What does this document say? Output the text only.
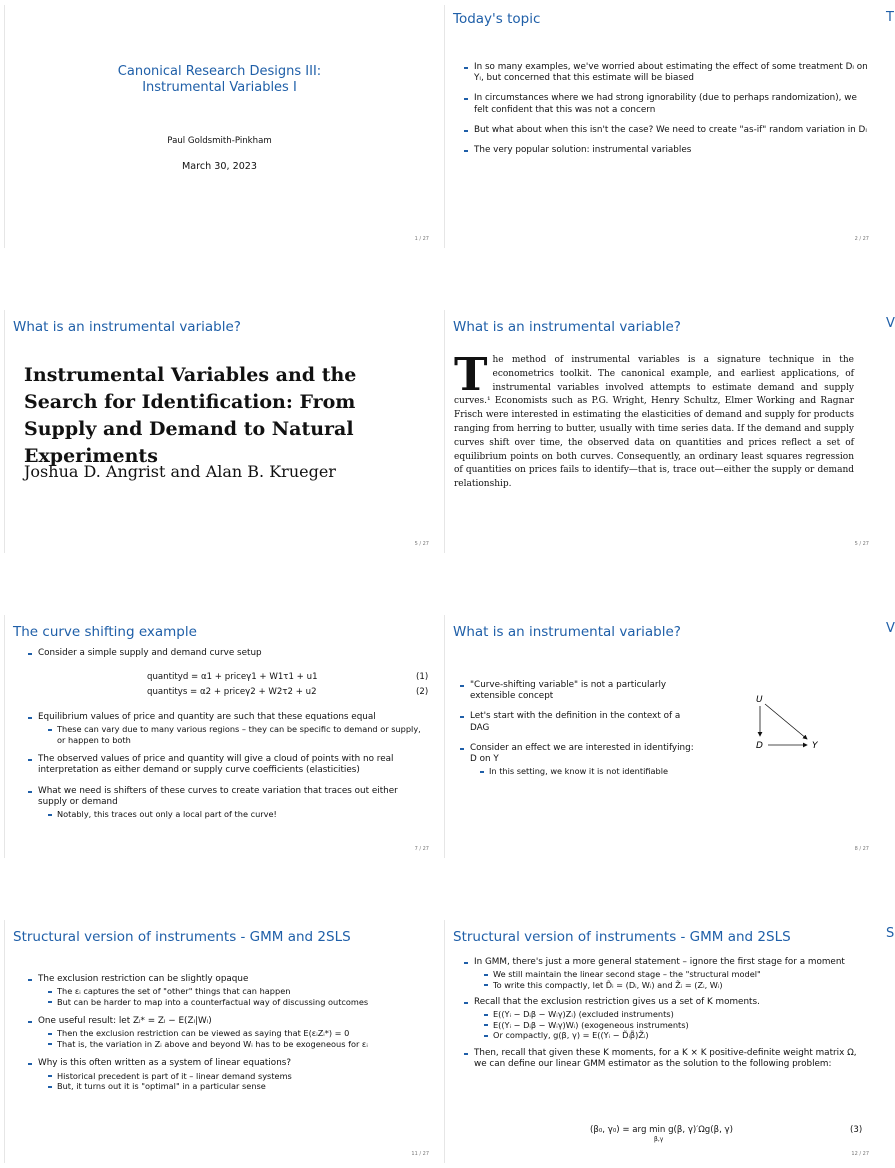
Canonical Research Designs III:
Instrumental Variables I
Paul Goldsmith-Pinkham
March 30, 2023
1 / 27
Today's topic
In so many examples, we've worried about estimating the effect of some treatment Dᵢ on Yᵢ, but concerned that this estimate will be biased
In circumstances where we had strong ignorability (due to perhaps randomization), we felt confident that this was not a concern
But what about when this isn't the case? We need to create "as-if" random variation in Dᵢ
The very popular solution: instrumental variables
2 / 27
What is an instrumental variable?
Instrumental Variables and the Search for Identification: From Supply and Demand to Natural Experiments
Joshua D. Angrist and Alan B. Krueger
5 / 27
What is an instrumental variable?
T he method of instrumental variables is a signature technique in the econometrics toolkit. The canonical example, and earliest applications, of instrumental variables involved attempts to estimate demand and supply curves.¹ Economists such as P.G. Wright, Henry Schultz, Elmer Working and Ragnar Frisch were interested in estimating the elasticities of demand and supply for products ranging from herring to butter, usually with time series data. If the demand and supply curves shift over time, the observed data on quantities and prices reflect a set of equilibrium points on both curves. Consequently, an ordinary least squares regression of quantities on prices fails to identify—that is, trace out—either the supply or demand relationship.
5 / 27
The curve shifting example
Consider a simple supply and demand curve setup
quantityd = α1 + priceγ1 + W1τ1 + u1	(1)
quantitys = α2 + priceγ2 + W2τ2 + u2	(2)
Equilibrium values of price and quantity are such that these equations equal
These can vary due to many various regions – they can be specific to demand or supply, or happen to both
The observed values of price and quantity will give a cloud of points with no real interpretation as either demand or supply curve coefficients (elasticities)
What we need is shifters of these curves to create variation that traces out either supply or demand
Notably, this traces out only a local part of the curve!
7 / 27
What is an instrumental variable?
"Curve-shifting variable" is not a particularly extensible concept
Let's start with the definition in the context of a DAG
Consider an effect we are interested in identifying: D on Y
In this setting, we know it is not identifiable
U
D	Y
8 / 27
Structural version of instruments - GMM and 2SLS
The exclusion restriction can be slightly opaque
The εᵢ captures the set of "other" things that can happen
But can be harder to map into a counterfactual way of discussing outcomes
One useful result: let Zᵢ* = Zᵢ − E(Zᵢ|Wᵢ)
Then the exclusion restriction can be viewed as saying that E(εᵢZᵢ*) = 0
That is, the variation in Zᵢ above and beyond Wᵢ has to be exogeneous for εᵢ
Why is this often written as a system of linear equations?
Historical precedent is part of it – linear demand systems
But, it turns out it is "optimal" in a particular sense
11 / 27
Structural version of instruments - GMM and 2SLS
In GMM, there's just a more general statement – ignore the first stage for a moment
We still maintain the linear second stage – the "structural model"
To write this compactly, let D̃ᵢ = (Dᵢ, Wᵢ) and Z̃ᵢ = (Zᵢ, Wᵢ)
Recall that the exclusion restriction gives us a set of K moments.
E((Yᵢ − Dᵢβ − Wᵢγ)Zᵢ) (excluded instruments)
E((Yᵢ − Dᵢβ − Wᵢγ)Wᵢ) (exogeneous instruments)
Or compactly, g(β, γ) = E((Yᵢ − D̃ᵢβ̃)Z̃ᵢ)
Then, recall that given these K moments, for a K × K positive-definite weight matrix Ω, we can define our linear GMM estimator as the solution to the following problem:
(β₀, γ₀) = arg min g(β, γ)′Ωg(β, γ)
β,γ
(3)
12 / 27
T
V
V
S
